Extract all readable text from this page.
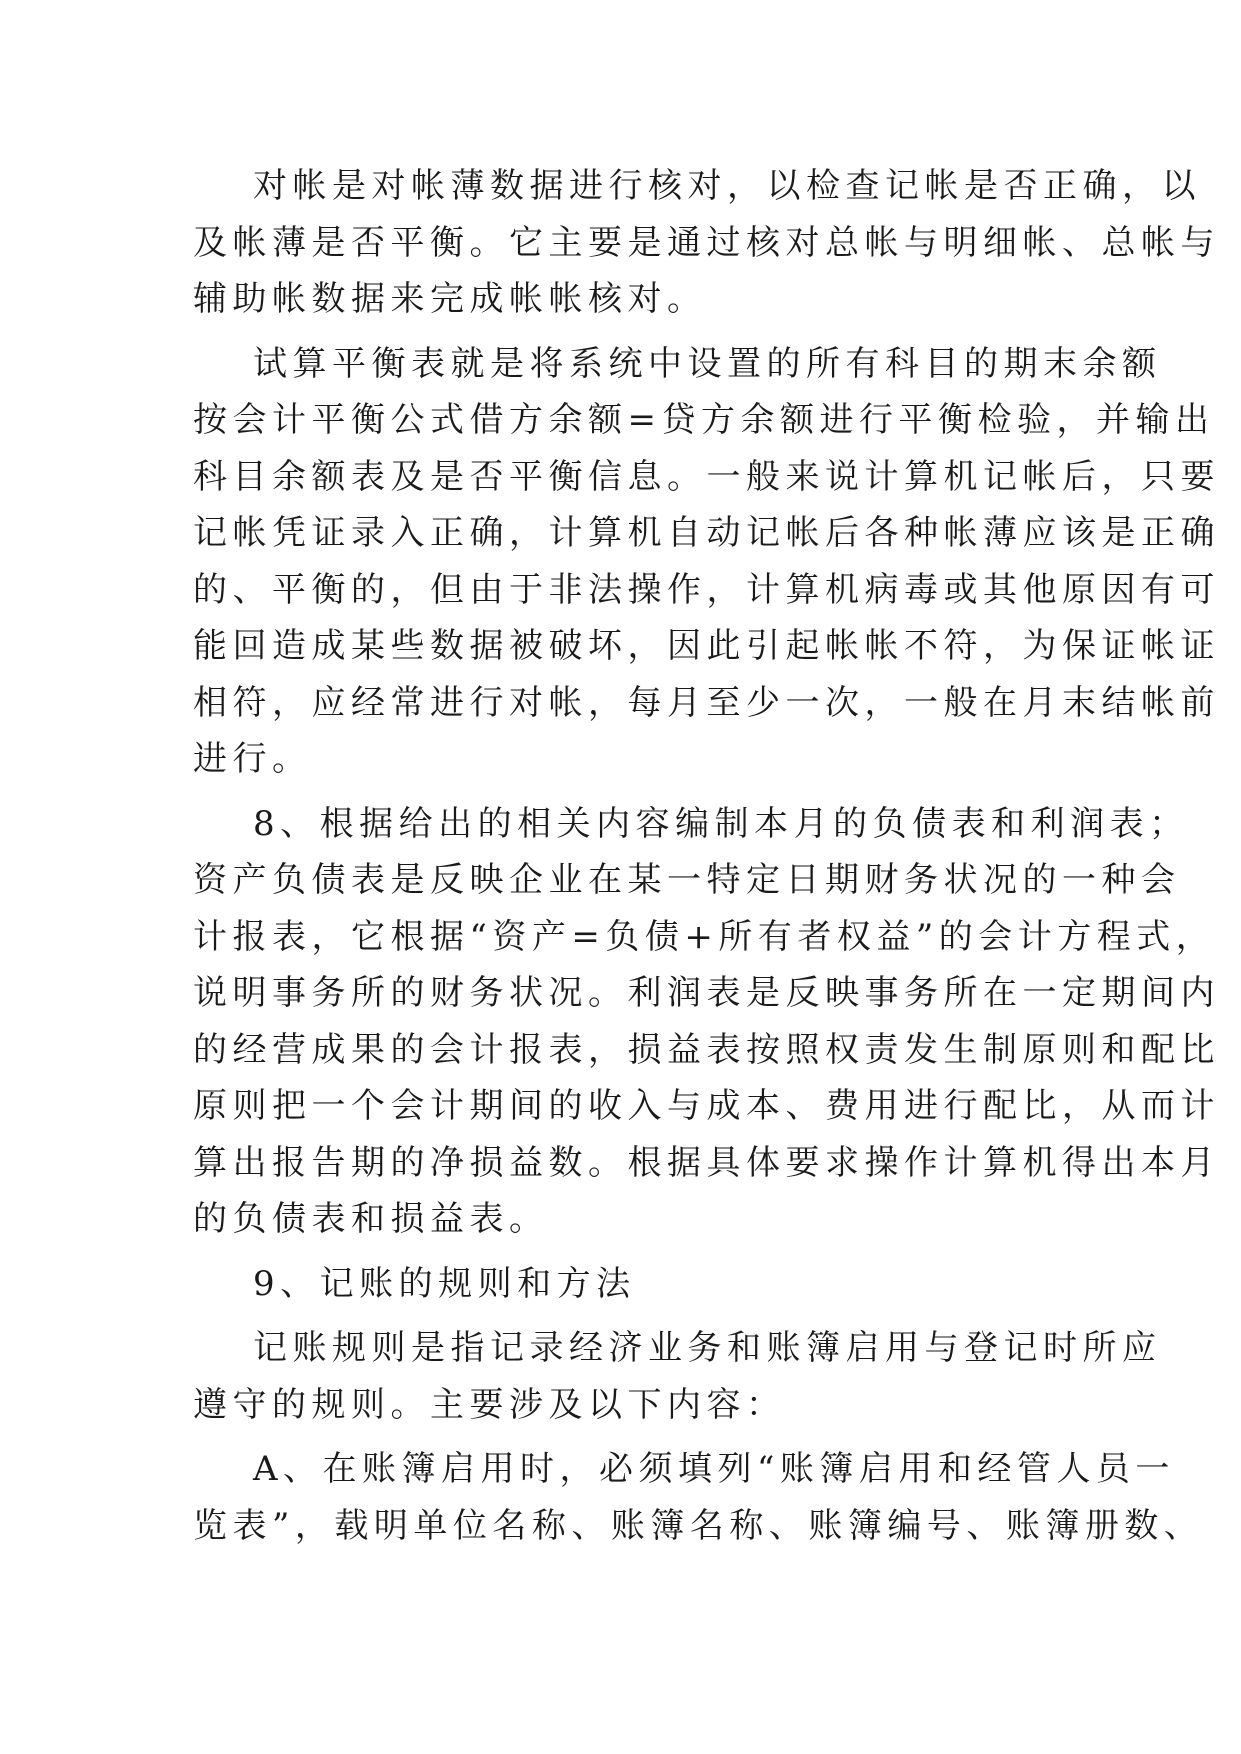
对帐是对帐薄数据进行核对，以检查记帐是否正确，以
及帐薄是否平衡。它主要是通过核对总帐与明细帐、总帐与
辅助帐数据来完成帐帐核对。
试算平衡表就是将系统中设置的所有科目的期末余额
按会计平衡公式借方余额=贷方余额进行平衡检验，并输出
科目余额表及是否平衡信息。一般来说计算机记帐后，只要
记帐凭证录入正确，计算机自动记帐后各种帐薄应该是正确
的、平衡的，但由于非法操作，计算机病毒或其他原因有可
能回造成某些数据被破坏，因此引起帐帐不符，为保证帐证
相符，应经常进行对帐，每月至少一次，一般在月末结帐前
进行。
8、根据给出的相关内容编制本月的负债表和利润表；
资产负债表是反映企业在某一特定日期财务状况的一种会
计报表，它根据“资产=负债+所有者权益”的会计方程式，
说明事务所的财务状况。利润表是反映事务所在一定期间内
的经营成果的会计报表，损益表按照权责发生制原则和配比
原则把一个会计期间的收入与成本、费用进行配比，从而计
算出报告期的净损益数。根据具体要求操作计算机得出本月
的负债表和损益表。
9、记账的规则和方法
记账规则是指记录经济业务和账簿启用与登记时所应
遵守的规则。主要涉及以下内容：
A、在账簿启用时，必须填列“账簿启用和经管人员一
览表”，载明单位名称、账簿名称、账簿编号、账簿册数、
